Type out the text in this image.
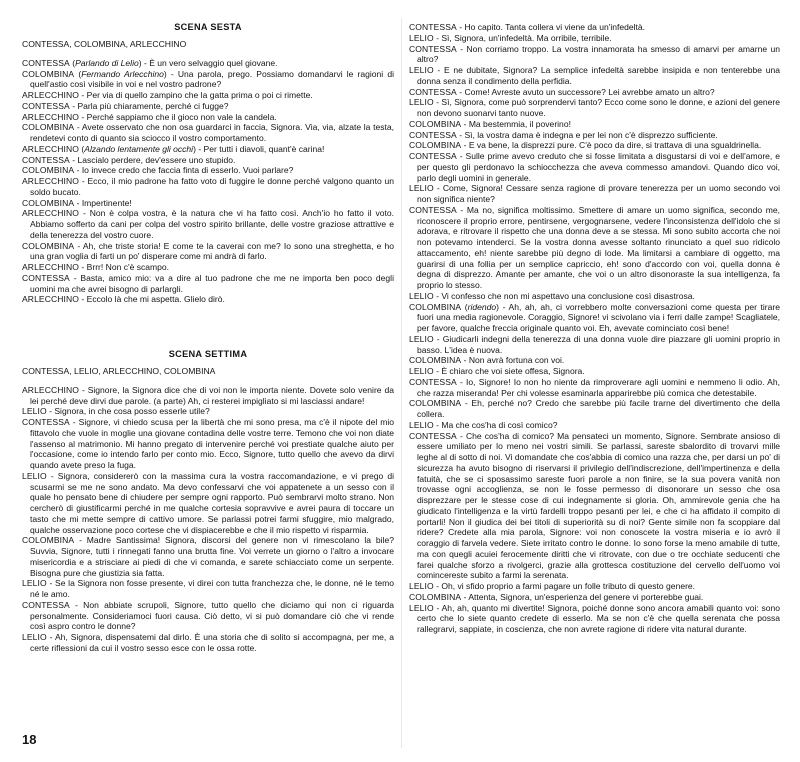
SCENA SESTA
CONTESSA, COLOMBINA, ARLECCHINO

CONTESSA (Parlando di Lelio) - È un vero selvaggio quel giovane.

COLOMBINA (Fermando Arlecchino) - Una parola, prego. Possiamo domandarvi le ragioni di quell'astio così visibile in voi e nel vostro padrone?

ARLECCHINO - Per via di quello zampino che la gatta prima o poi ci rimette.

CONTESSA - Parla più chiaramente, perché ci fugge?

ARLECCHINO - Perché sappiamo che il gioco non vale la candela.

COLOMBINA - Avete osservato che non osa guardarci in faccia, Signora. Via, via, alzate la testa, rendetevi conto di quanto sia sciocco il vostro comportamento.

ARLECCHINO (Alzando lentamente gli occhi) - Per tutti i diavoli, quant'è carina!

CONTESSA - Lascialo perdere, dev'essere uno stupido.

COLOMBINA - Io invece credo che faccia finta di esserlo. Vuoi parlare?

ARLECCHINO - Ecco, il mio padrone ha fatto voto di fuggire le donne perché valgono quanto un soldo bucato.

COLOMBINA - Impertinente!

ARLECCHINO - Non è colpa vostra, è la natura che vi ha fatto così. Anch'io ho fatto il voto. Abbiamo sofferto da cani per colpa del vostro spirito brillante, delle vostre graziose attrattive e della tenerezza del vostro cuore.

COLOMBINA - Ah, che triste storia! E come te la caverai con me? Io sono una streghetta, e ho una gran voglia di farti un po' disperare come mi andrà di farlo.

ARLECCHINO - Brrr! Non c'è scampo.

CONTESSA - Basta, amico mio: va a dire al tuo padrone che me ne importa ben poco degli uomini ma che avrei bisogno di parlargli.

ARLECCHINO - Eccolo là che mi aspetta. Glielo dirò.

SCENA SETTIMA
CONTESSA, LELIO, ARLECCHINO, COLOMBINA

ARLECCHINO - Signore, la Signora dice che di voi non le importa niente. Dovete solo venire da lei perché deve dirvi due parole. (a parte) Ah, ci resterei impigliato si mi lasciassi andare!

LELIO - Signora, in che cosa posso esserle utile?

CONTESSA - Signore, vi chiedo scusa per la libertà che mi sono presa, ma c'è il nipote del mio fittavolo che vuole in moglie una giovane contadina delle vostre terre. Temono che voi non diate l'assenso al matrimonio. Mi hanno pregato di intervenire perché voi prestiate qualche aiuto per l'occasione, come io intendo farlo per conto mio. Ecco, Signore, tutto quello che avevo da dirvi quando avete preso la fuga.

LELIO - Signora, considererò con la massima cura la vostra raccomandazione, e vi prego di scusarmi se me ne sono andato. Ma devo confessarvi che voi appatenete a un sesso con il quale ho pensato bene di chiudere per sempre ogni rapporto. Può sembrarvi molto strano. Non cercherò di giustificarmi perché in me qualche cortesia sopravvive e avrei paura di toccare un tasto che mi mette sempre di cattivo umore. Se parlassi potrei farmi sfuggire, mio malgrado, qualche osservazione poco cortese che vi dispiacerebbe e che il mio rispetto vi risparmia.

COLOMBINA - Madre Santissima! Signora, discorsi del genere non vi rimescolano la bile? Suvvia, Signore, tutti i rinnegati fanno una brutta fine. Voi verrete un giorno o l'altro a invocare misericordia e a strisciare ai piedi di che vi comanda, e sarete schiacciato come un serpente. Bisogna pure che giustizia sia fatta.

LELIO - Se la Signora non fosse presente, vi direi con tutta franchezza che, le donne, né le temo né le amo.

CONTESSA - Non abbiate scrupoli, Signore, tutto quello che diciamo qui non ci riguarda personalmente. Consideriamoci fuori causa. Ciò detto, vi si può domandare ciò che vi rende così aspro contro le donne?

LELIO - Ah, Signora, dispensatemi dal dirlo. È una storia che di solito si accompagna, per me, a certe riflessioni da cui il vostro sesso esce con le ossa rotte.

CONTESSA - Ho capito. Tanta collera vi viene da un'infedeltà.

LELIO - Sì, Signora, un'infedeltà. Ma orribile, terribile.

CONTESSA - Non corriamo troppo. La vostra innamorata ha smesso di amarvi per amarne un altro?

LELIO - E ne dubitate, Signora? La semplice infedeltà sarebbe insipida e non tenterebbe una donna senza il condimento della perfidia.

CONTESSA - Come! Avreste avuto un successore? Lei avrebbe amato un altro?

LELIO - Sì, Signora, come può sorprendervi tanto? Ecco come sono le donne, e azioni del genere non devono suonarvi tanto nuove.

COLOMBINA - Ma bestemmia, il poverino!

CONTESSA - Sì, la vostra dama è indegna e per lei non c'è disprezzo sufficiente.

COLOMBINA - E va bene, la disprezzi pure. C'è poco da dire, si trattava di una sgualdrinella.

CONTESSA - Sulle prime avevo creduto che si fosse limitata a disgustarsi di voi e dell'amore, e per questo gli perdonavo la schiocchezza che aveva commesso amandovi. Quando dico voi, parlo degli uomini in generale.

LELIO - Come, Signora! Cessare senza ragione di provare tenerezza per un uomo secondo voi non significa niente?

CONTESSA - Ma no, significa moltissimo. Smettere di amare un uomo significa, secondo me, riconoscere il proprio errore, pentirsene, vergognarsene, vedere l'inconsistenza dell'idolo che si adorava, e ritrovare il rispetto che una donna deve a se stessa. Mi sono subito accorta che noi non potevamo intenderci. Se la vostra donna avesse soltanto rinunciato a quel suo ridicolo attaccamento, eh! niente sarebbe più degno di lode. Ma limitarsi a cambiare di oggetto, ma guarirsi di una follia per un semplice capriccio, eh! sono d'accordo con voi, quella donna è degna di disprezzo. Amante per amante, che voi o un altro disonoraste la sua intelligenza, fa proprio lo stesso.

LELIO - Vi confesso che non mi aspettavo una conclusione così disastrosa.

COLOMBINA (ridendo) - Ah, ah, ah, ci vorrebbero molte conversazioni come questa per tirare fuori una media ragionevole. Coraggio, Signore! vi scivolano via i ferri dalle zampe! Scagliatele, per favore, qualche freccia originale quanto voi. Eh, avevate cominciato così bene!

LELIO - Giudicarli indegni della tenerezza di una donna vuole dire piazzare gli uomini proprio in basso. L'idea è nuova.

COLOMBINA - Non avrà fortuna con voi.

LELIO - È chiaro che voi siete offesa, Signora.

CONTESSA - Io, Signore! Io non ho niente da rimproverare agli uomini e nemmeno li odio. Ah, che razza miseranda! Per chi volesse esaminarla apparirebbe più comica che detestabile.

COLOMBINA - Eh, perché no? Credo che sarebbe più facile trarne del divertimento che della collera.

LELIO - Ma che cos'ha di così comico?

CONTESSA - Che cos'ha di comico? Ma pensateci un momento, Signore. Sembrate ansioso di essere umiliato per lo meno nei vostri simili. Se parlassi, sareste sbalordito di trovarvi mille leghe al di sotto di noi. Vi domandate che cos'abbia di comico una razza che, per darsi un po' di sicurezza ha avuto bisogno di riservarsi il privilegio dell'indiscrezione, dell'impertinenza e della fatuità, che se ci sposassimo sareste fuori parole a non finire, se la sua povera vanità non trovasse ogni accoglienza, se non le fosse permesso di disonorare un sesso che osa disprezzare per le stesse cose di cui indegnamente si gloria. Oh, ammirevole genia che ha giudicato l'intelligenza e la virtù fardelli troppo pesanti per lei, e che ci ha affidato il compito di portarli! Non il giudica dei bei titoli di superiorità su di noi? Gente simile non fa scoppiare dal ridere? Credete alla mia parola, Signore: voi non conoscete la vostra miseria e io avrò il coraggio di farvela vedere. Siete irritato contro le donne. Io sono forse la meno amabile di tutte, ma con quegli acuiei ferocemente diritti che vi ritrovate, con due o tre occhiate seducenti che farei qualche sforzo a rivolgerci, grazie alla grottesca costituzione del cervello dell'uomo voi comincereste subito a farmi la serenata.

LELIO - Oh, vi sfido proprio a farmi pagare un folle tributo di questo genere.

COLOMBINA - Attenta, Signora, un'esperienza del genere vi porterebbe guai.

LELIO - Ah, ah, quanto mi divertite! Signora, poiché donne sono ancora amabili quanto voi: sono certo che lo siete quanto credete di esserlo. Ma se non c'è che quella serenata che possa rallegrarvi, sappiate, in coscienza, che non avrete ragione di ridere vita natural durante.

18
